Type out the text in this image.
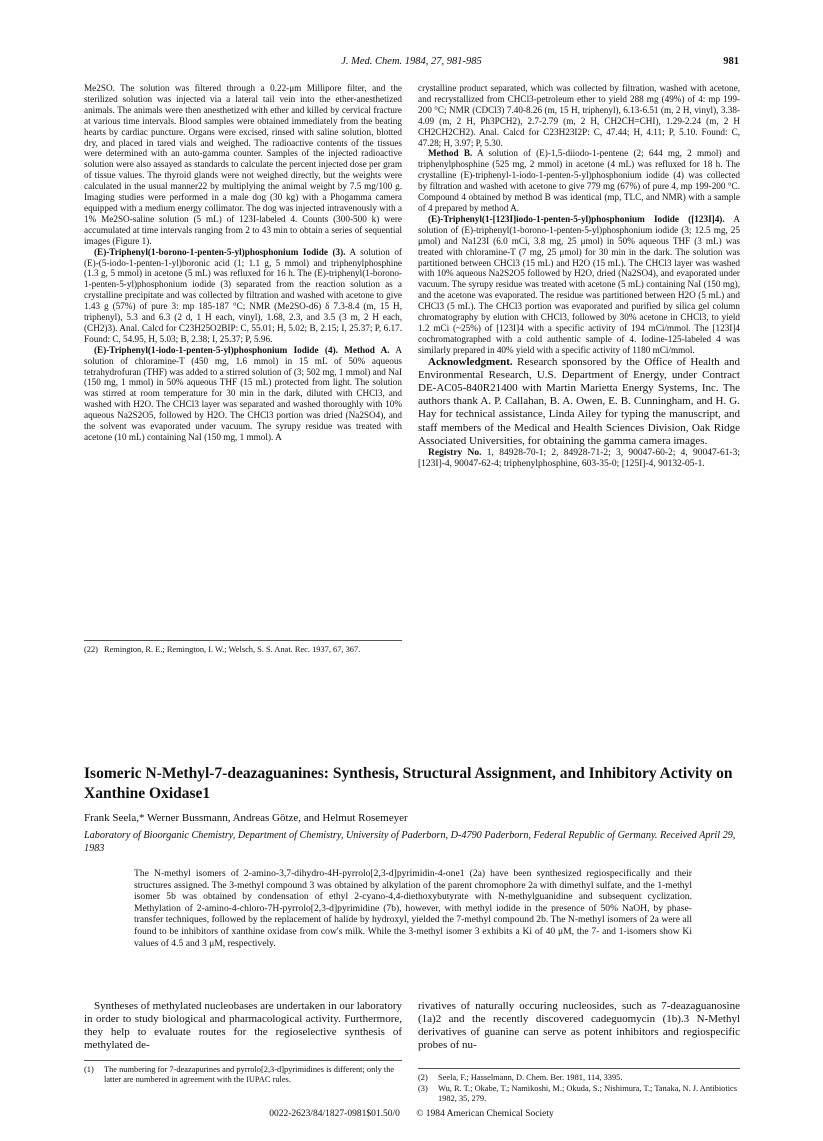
J. Med. Chem. 1984, 27, 981-985	981

Me2SO. The solution was filtered through a 0.22-μm Millipore filter, and the sterilized solution was injected via a lateral tail vein into the ether-anesthetized animals. The animals were then anesthetized with ether and killed by cervical fracture at various time intervals. Blood samples were obtained immediately from the beating hearts by cardiac puncture. Organs were excised, rinsed with saline solution, blotted dry, and placed in tared vials and weighed. The radioactive contents of the tissues were determined with an auto-gamma counter. Samples of the injected radioactive solution were also assayed as standards to calculate the percent injected dose per gram of tissue values. The thyroid glands were not weighed directly, but the weights were calculated in the usual manner22 by multiplying the animal weight by 7.5 mg/100 g. Imaging studies were performed in a male dog (30 kg) with a Phogamma camera equipped with a medium energy collimator. The dog was injected intravenously with a 1% Me2SO-saline solution (5 mL) of 123I-labeled 4. Counts (300-500 k) were accumulated at time intervals ranging from 2 to 43 min to obtain a series of sequential images (Figure 1).

(E)-Triphenyl(1-borono-1-penten-5-yl)phosphonium Iodide (3). A solution of (E)-(5-iodo-1-penten-1-yl)boronic acid (1; 1.1 g, 5 mmol) and triphenylphosphine (1.3 g, 5 mmol) in acetone (5 mL) was refluxed for 16 h. The (E)-triphenyl(1-borono-1-penten-5-yl)phosphonium iodide (3) separated from the reaction solution as a crystalline precipitate and was collected by filtration and washed with acetone to give 1.43 g (57%) of pure 3: mp 185-187 °C; NMR (Me2SO-d6) δ 7.3-8.4 (m, 15 H, triphenyl), 5.3 and 6.3 (2 d, 1 H each, vinyl), 1.68, 2.3, and 3.5 (3 m, 2 H each, (CH2)3). Anal. Calcd for C23H25O2BIP: C, 55.01; H, 5.02; B, 2.15; I, 25.37; P, 6.17. Found: C, 54.95, H, 5.03; B, 2.38; I, 25.37; P, 5.96.

(E)-Triphenyl(1-iodo-1-penten-5-yl)phosphonium Iodide (4). Method A. A solution of chloramine-T (450 mg, 1.6 mmol) in 15 mL of 50% aqueous tetrahydrofuran (THF) was added to a stirred solution of (3; 502 mg, 1 mmol) and NaI (150 mg, 1 mmol) in 50% aqueous THF (15 mL) protected from light. The solution was stirred at room temperature for 30 min in the dark, diluted with CHCl3, and washed with H2O. The CHCl3 layer was separated and washed thoroughly with 10% aqueous Na2S2O5, followed by H2O. The CHCl3 portion was dried (Na2SO4), and the solvent was evaporated under vacuum. The syrupy residue was treated with acetone (10 mL) containing NaI (150 mg, 1 mmol). A

crystalline product separated, which was collected by filtration, washed with acetone, and recrystallized from CHCl3-petroleum ether to yield 288 mg (49%) of 4: mp 199-200 °C; NMR (CDCl3) 7.40-8.26 (m, 15 H, triphenyl), 6.13-6.51 (m, 2 H, vinyl), 3.38-4.09 (m, 2 H, Ph3PCH2), 2.7-2.79 (m, 2 H, CH2CH=CHI), 1.29-2.24 (m, 2 H CH2CH2CH2). Anal. Calcd for C23H23I2P: C, 47.44; H, 4.11; P, 5.10. Found: C, 47.28; H, 3.97; P, 5.30.

Method B. A solution of (E)-1,5-diiodo-1-pentene (2; 644 mg, 2 mmol) and triphenylphosphine (525 mg, 2 mmol) in acetone (4 mL) was refluxed for 18 h. The crystalline (E)-triphenyl-1-iodo-1-penten-5-yl)phosphonium iodide (4) was collected by filtration and washed with acetone to give 779 mg (67%) of pure 4, mp 199-200 °C. Compound 4 obtained by method B was identical (mp, TLC, and NMR) with a sample of 4 prepared by method A.

(E)-Triphenyl(1-[123I]iodo-1-penten-5-yl)phosphonium Iodide ([123I]4). A solution of (E)-triphenyl(1-borono-1-penten-5-yl)phosphonium iodide (3; 12.5 mg, 25 μmol) and Na123I (6.0 mCi, 3.8 mg, 25 μmol) in 50% aqueous THF (3 mL) was treated with chloramine-T (7 mg, 25 μmol) for 30 min in the dark. The solution was partitioned between CHCl3 (15 mL) and H2O (15 mL). The CHCl3 layer was washed with 10% aqueous Na2S2O5 followed by H2O, dried (Na2SO4), and evaporated under vacuum. The syrupy residue was treated with acetone (5 mL) containing NaI (150 mg), and the acetone was evaporated. The residue was partitioned between H2O (5 mL) and CHCl3 (5 mL). The CHCl3 portion was evaporated and purified by silica gel column chromatography by elution with CHCl3, followed by 30% acetone in CHCl3, to yield 1.2 mCi (~25%) of [123I]4 with a specific activity of 194 mCi/mmol. The [123I]4 cochromatographed with a cold authentic sample of 4. Iodine-125-labeled 4 was similarly prepared in 40% yield with a specific activity of 1180 mCi/mmol.

Acknowledgment. Research sponsored by the Office of Health and Environmental Research, U.S. Department of Energy, under Contract DE-AC05-840R21400 with Martin Marietta Energy Systems, Inc. The authors thank A. P. Callahan, B. A. Owen, E. B. Cunningham, and H. G. Hay for technical assistance, Linda Ailey for typing the manuscript, and staff members of the Medical and Health Sciences Division, Oak Ridge Associated Universities, for obtaining the gamma camera images.

Registry No. 1, 84928-70-1; 2, 84928-71-2; 3, 90047-60-2; 4, 90047-61-3; [123I]-4, 90047-62-4; triphenylphosphine, 603-35-0; [125I]-4, 90132-05-1.

(22) Remington, R. E.; Remington, I. W.; Welsch, S. S. Anat. Rec. 1937, 67, 367.
Isomeric N-Methyl-7-deazaguanines: Synthesis, Structural Assignment, and Inhibitory Activity on Xanthine Oxidase1
Frank Seela,* Werner Bussmann, Andreas Götze, and Helmut Rosemeyer
Laboratory of Bioorganic Chemistry, Department of Chemistry, University of Paderborn, D-4790 Paderborn, Federal Republic of Germany. Received April 29, 1983
The N-methyl isomers of 2-amino-3,7-dihydro-4H-pyrrolo[2,3-d]pyrimidin-4-one1 (2a) have been synthesized regiospecifically and their structures assigned. The 3-methyl compound 3 was obtained by alkylation of the parent chromophore 2a with dimethyl sulfate, and the 1-methyl isomer 5b was obtained by condensation of ethyl 2-cyano-4,4-diethoxybutyrate with N-methylguanidine and subsequent cyclization. Methylation of 2-amino-4-chloro-7H-pyrrolo[2,3-d]pyrimidine (7b), however, with methyl iodide in the presence of 50% NaOH, by phase-transfer techniques, followed by the replacement of halide by hydroxyl, yielded the 7-methyl compound 2b. The N-methyl isomers of 2a were all found to be inhibitors of xanthine oxidase from cow's milk. While the 3-methyl isomer 3 exhibits a Ki of 40 μM, the 7- and 1-isomers show Ki values of 4.5 and 3 μM, respectively.
Syntheses of methylated nucleobases are undertaken in our laboratory in order to study biological and pharmacological activity. Furthermore, they help to evaluate routes for the regioselective synthesis of methylated de-
rivatives of naturally occuring nucleosides, such as 7-deazaguanosine (1a)2 and the recently discovered cadeguomycin (1b).3 N-Methyl derivatives of guanine can serve as potent inhibitors and regiospecific probes of nu-
(1)	The numbering for 7-deazapurines and pyrrolo[2,3-d]pyrimidines is different; only the latter are numbered in agreement with the IUPAC rules.	(2)	Seela, F.; Hasselmann, D. Chem. Ber. 1981, 114, 3395.
(3)	Wu, R. T.; Okabe, T.; Namikoshi, M.; Okuda, S.; Nishimura, T.; Tanaka, N. J. Antibiotics 1982, 35, 279.
0022-2623/84/1827-0981$01.50/0 © 1984 American Chemical Society
